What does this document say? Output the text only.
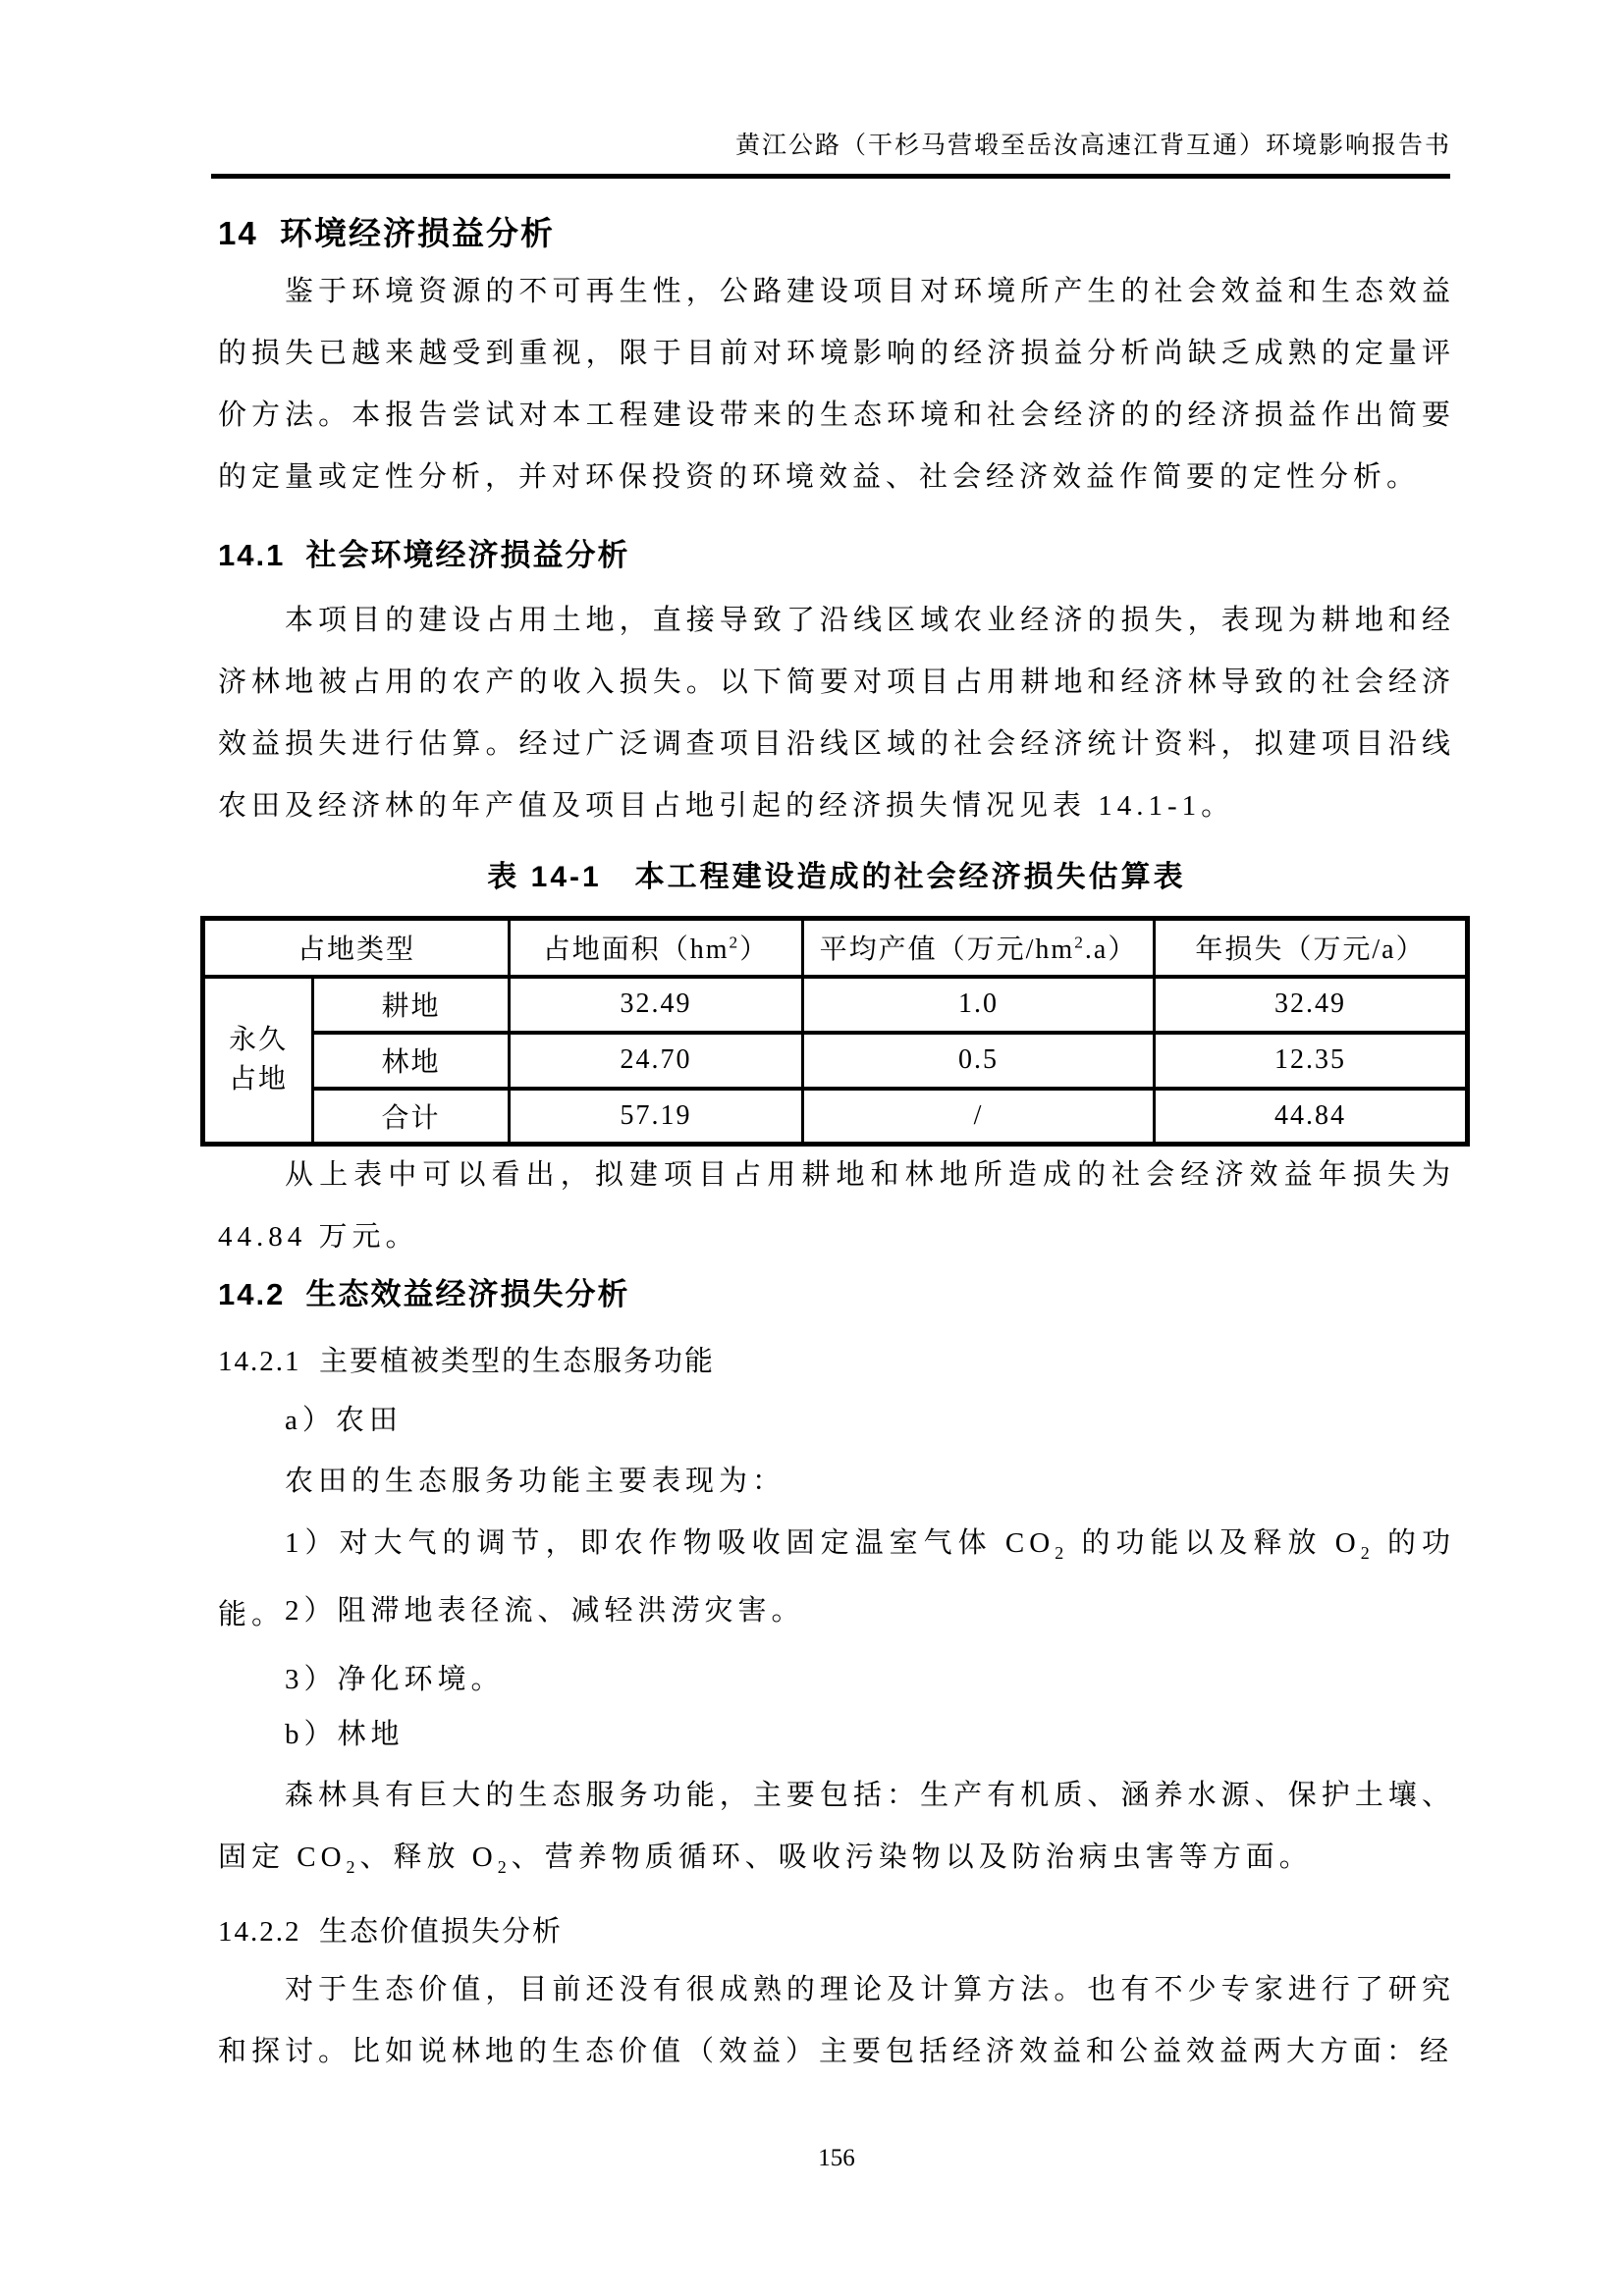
黄江公路（干杉马营塅至岳汝高速江背互通）环境影响报告书
14  环境经济损益分析

鉴于环境资源的不可再生性，公路建设项目对环境所产生的社会效益和生态效益的损失已越来越受到重视，限于目前对环境影响的经济损益分析尚缺乏成熟的定量评价方法。本报告尝试对本工程建设带来的生态环境和社会经济的的经济损益作出简要的定量或定性分析，并对环保投资的环境效益、社会经济效益作简要的定性分析。

14.1  社会环境经济损益分析

本项目的建设占用土地，直接导致了沿线区域农业经济的损失，表现为耕地和经济林地被占用的农产的收入损失。以下简要对项目占用耕地和经济林导致的社会经济效益损失进行估算。经过广泛调查项目沿线区域的社会经济统计资料，拟建项目沿线农田及经济林的年产值及项目占地引起的经济损失情况见表 14.1-1。

表 14-1   本工程建设造成的社会经济损失估算表
占地类型		占地面积$(hm^2)$	平均产值（万元$/hm^2.a$）	年损失（万元/a）

永久占地	耕地	32.49	1.0	32.49
	林地	24.70	0.5	12.35
	合计	57.19	/	44.84

从上表中可以看出，拟建项目占用耕地和林地所造成的社会经济效益年损失为44.84 万元。

14.2  生态效益经济损失分析
14.2.1  主要植被类型的生态服务功能

a）农田

农田的生态服务功能主要表现为：

1）对大气的调节，即农作物吸收固定温室气体 $CO_2$ 的功能以及释放 $O_2$ 的功能。 2）阻滞地表径流、减轻洪涝灾害。

3）净化环境。

b）林地

森林具有巨大的生态服务功能，主要包括：生产有机质、涵养水源、保护土壤、固定 $CO_2$、释放 $O_2$、营养物质循环、吸收污染物以及防治病虫害等方面。

14.2.2  生态价值损失分析

对于生态价值，目前还没有很成熟的理论及计算方法。也有不少专家进行了研究和探讨。比如说林地的生态价值（效益）主要包括经济效益和公益效益两大方面：经

156
